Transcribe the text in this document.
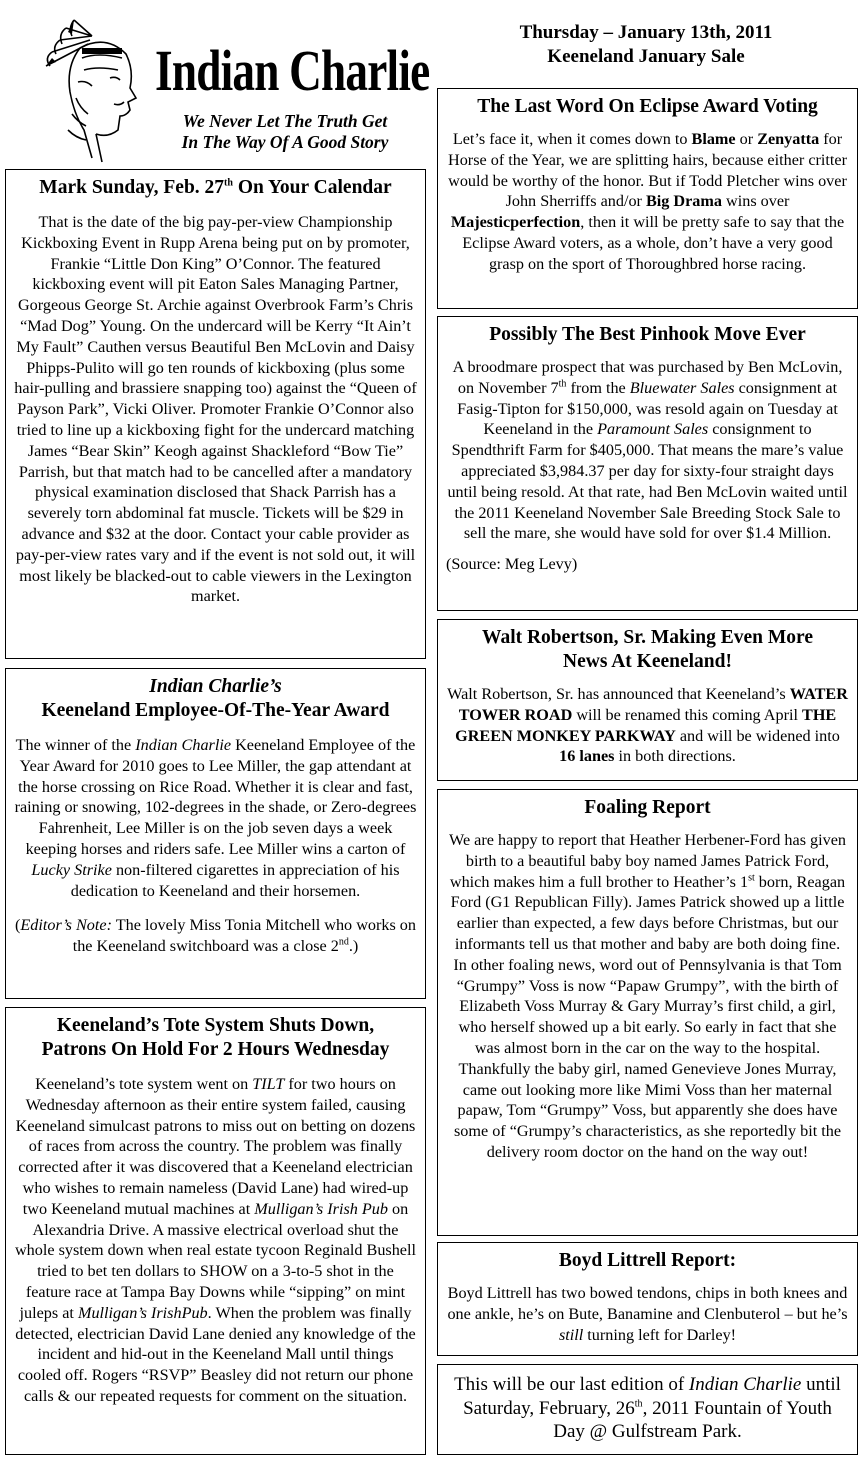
Indian Charlie
We Never Let The Truth Get
In The Way Of A Good Story
Thursday – January 13th, 2011
Keeneland January Sale
Mark Sunday, Feb. 27th On Your Calendar

That is the date of the big pay-per-view Championship Kickboxing Event in Rupp Arena being put on by promoter, Frankie “Little Don King” O’Connor. The featured kickboxing event will pit Eaton Sales Managing Partner, Gorgeous George St. Archie against Overbrook Farm’s Chris “Mad Dog” Young. On the undercard will be Kerry “It Ain’t My Fault” Cauthen versus Beautiful Ben McLovin and Daisy Phipps-Pulito will go ten rounds of kickboxing (plus some hair-pulling and brassiere snapping too) against the “Queen of Payson Park”, Vicki Oliver. Promoter Frankie O’Connor also tried to line up a kickboxing fight for the undercard matching James “Bear Skin” Keogh against Shackleford “Bow Tie” Parrish, but that match had to be cancelled after a mandatory physical examination disclosed that Shack Parrish has a severely torn abdominal fat muscle. Tickets will be $29 in advance and $32 at the door. Contact your cable provider as pay-per-view rates vary and if the event is not sold out, it will most likely be blacked-out to cable viewers in the Lexington market.

Indian Charlie’s
Keeneland Employee-Of-The-Year Award

The winner of the Indian Charlie Keeneland Employee of the Year Award for 2010 goes to Lee Miller, the gap attendant at the horse crossing on Rice Road. Whether it is clear and fast, raining or snowing, 102-degrees in the shade, or Zero-degrees Fahrenheit, Lee Miller is on the job seven days a week keeping horses and riders safe. Lee Miller wins a carton of Lucky Strike non-filtered cigarettes in appreciation of his dedication to Keeneland and their horsemen.

(Editor’s Note: The lovely Miss Tonia Mitchell who works on the Keeneland switchboard was a close 2nd.)

Keeneland’s Tote System Shuts Down,
Patrons On Hold For 2 Hours Wednesday

Keeneland’s tote system went on TILT for two hours on Wednesday afternoon as their entire system failed, causing Keeneland simulcast patrons to miss out on betting on dozens of races from across the country. The problem was finally corrected after it was discovered that a Keeneland electrician who wishes to remain nameless (David Lane) had wired-up two Keeneland mutual machines at Mulligan’s Irish Pub on Alexandria Drive. A massive electrical overload shut the whole system down when real estate tycoon Reginald Bushell tried to bet ten dollars to SHOW on a 3-to-5 shot in the feature race at Tampa Bay Downs while “sipping” on mint juleps at Mulligan’s IrishPub. When the problem was finally detected, electrician David Lane denied any knowledge of the incident and hid-out in the Keeneland Mall until things cooled off. Rogers “RSVP” Beasley did not return our phone calls & our repeated requests for comment on the situation.

The Last Word On Eclipse Award Voting

Let’s face it, when it comes down to Blame or Zenyatta for Horse of the Year, we are splitting hairs, because either critter would be worthy of the honor. But if Todd Pletcher wins over John Sherriffs and/or Big Drama wins over Majesticperfection, then it will be pretty safe to say that the Eclipse Award voters, as a whole, don’t have a very good grasp on the sport of Thoroughbred horse racing.

Possibly The Best Pinhook Move Ever

A broodmare prospect that was purchased by Ben McLovin, on November 7th from the Bluewater Sales consignment at Fasig-Tipton for $150,000, was resold again on Tuesday at Keeneland in the Paramount Sales consignment to Spendthrift Farm for $405,000. That means the mare’s value appreciated $3,984.37 per day for sixty-four straight days until being resold. At that rate, had Ben McLovin waited until the 2011 Keeneland November Sale Breeding Stock Sale to sell the mare, she would have sold for over $1.4 Million.

(Source: Meg Levy)

Walt Robertson, Sr. Making Even More
News At Keeneland!

Walt Robertson, Sr. has announced that Keeneland’s WATER TOWER ROAD will be renamed this coming April THE GREEN MONKEY PARKWAY and will be widened into 16 lanes in both directions.

Foaling Report

We are happy to report that Heather Herbener-Ford has given birth to a beautiful baby boy named James Patrick Ford, which makes him a full brother to Heather’s 1st born, Reagan Ford (G1 Republican Filly). James Patrick showed up a little earlier than expected, a few days before Christmas, but our informants tell us that mother and baby are both doing fine.

In other foaling news, word out of Pennsylvania is that Tom “Grumpy” Voss is now “Papaw Grumpy”, with the birth of Elizabeth Voss Murray & Gary Murray’s first child, a girl, who herself showed up a bit early. So early in fact that she was almost born in the car on the way to the hospital.

Thankfully the baby girl, named Genevieve Jones Murray, came out looking more like Mimi Voss than her maternal papaw, Tom “Grumpy” Voss, but apparently she does have some of “Grumpy’s characteristics, as she reportedly bit the delivery room doctor on the hand on the way out!

Boyd Littrell Report:

Boyd Littrell has two bowed tendons, chips in both knees and one ankle, he’s on Bute, Banamine and Clenbuterol – but he’s still turning left for Darley!

This will be our last edition of Indian Charlie until Saturday, February, 26th, 2011 Fountain of Youth Day @ Gulfstream Park.
